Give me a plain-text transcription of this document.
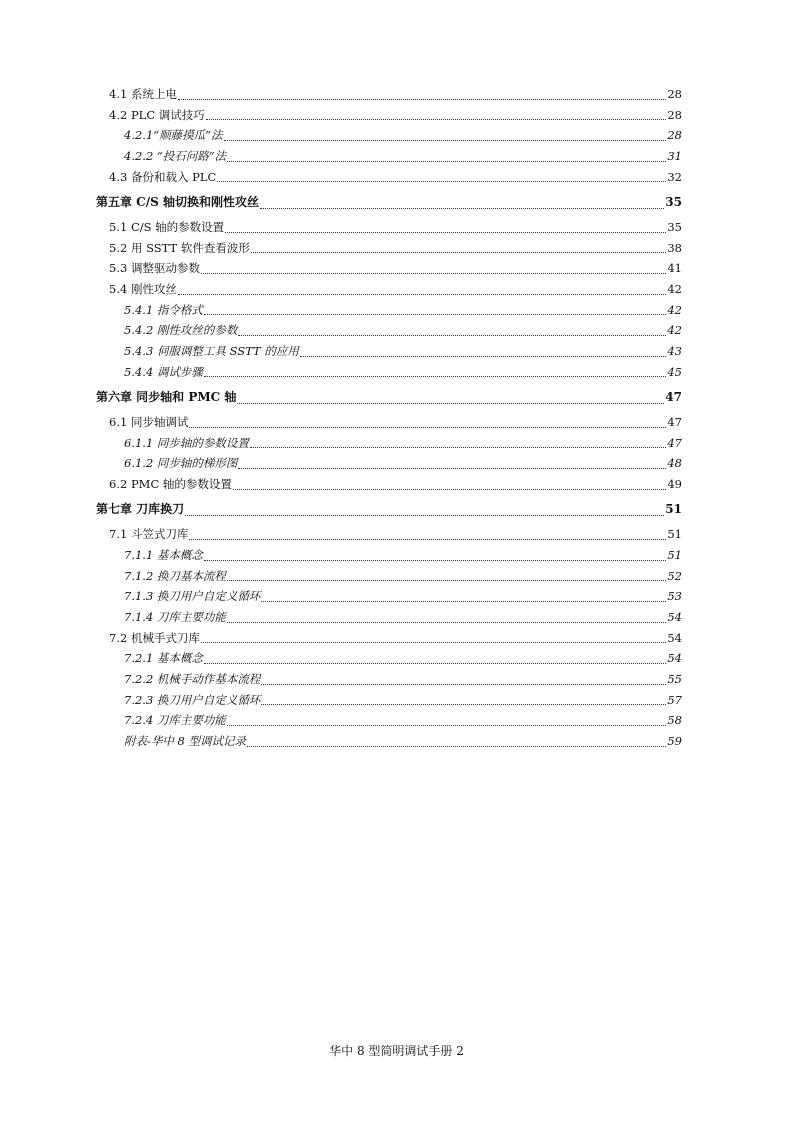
4.1 系统上电	28
4.2 PLC 调试技巧	28
4.2.1“顺藤摸瓜”法	28
4.2.2 “投石问路”法	31
4.3 备份和载入 PLC	32
第五章 C/S 轴切换和刚性攻丝	35
5.1 C/S 轴的参数设置	35
5.2 用 SSTT 软件查看波形	38
5.3 调整驱动参数	41
5.4 刚性攻丝	42
5.4.1 指令格式	42
5.4.2 刚性攻丝的参数	42
5.4.3 伺服调整工具 SSTT 的应用	43
5.4.4 调试步骤	45
第六章 同步轴和 PMC 轴	47
6.1 同步轴调试	47
6.1.1 同步轴的参数设置	47
6.1.2 同步轴的梯形图	48
6.2 PMC 轴的参数设置	49
第七章 刀库换刀	51
7.1 斗笠式刀库	51
7.1.1 基本概念	51
7.1.2 换刀基本流程	52
7.1.3 换刀用户自定义循环	53
7.1.4 刀库主要功能	54
7.2 机械手式刀库	54
7.2.1 基本概念	54
7.2.2 机械手动作基本流程	55
7.2.3 换刀用户自定义循环	57
7.2.4 刀库主要功能	58
附表-华中 8 型调试记录	59
华中 8 型简明调试手册 2
